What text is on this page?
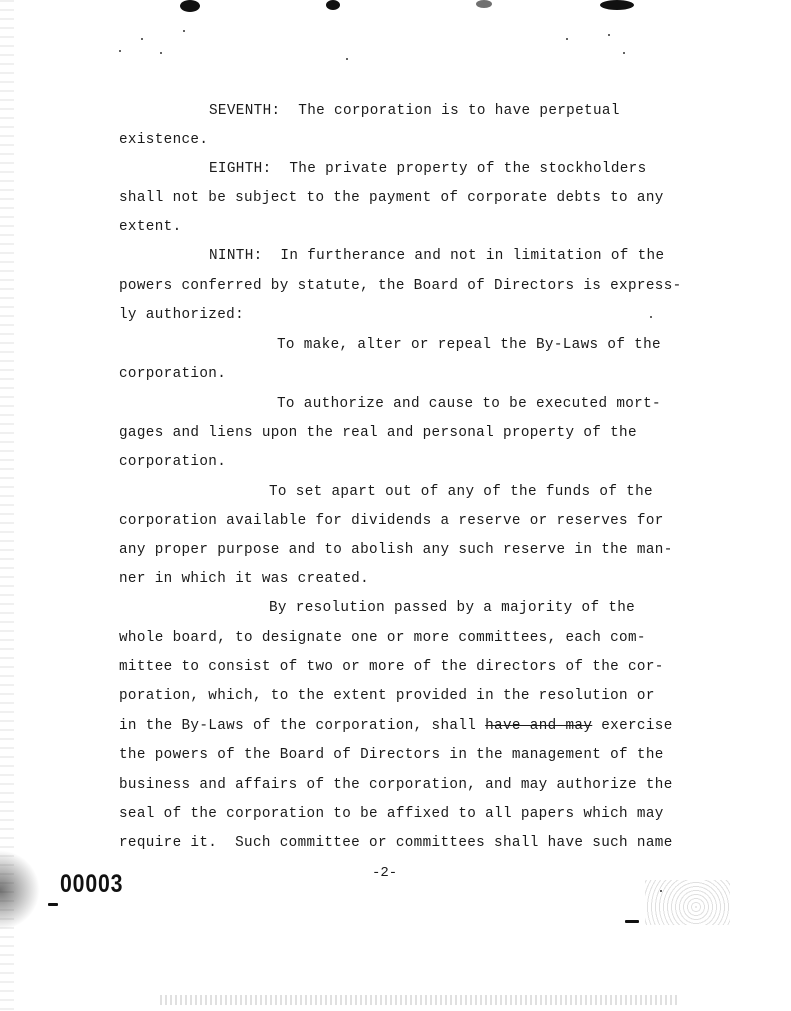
SEVENTH:  The corporation is to have perpetual
existence.
EIGHTH:  The private property of the stockholders
shall not be subject to the payment of corporate debts to any
extent.
NINTH:  In furtherance and not in limitation of the
powers conferred by statute, the Board of Directors is express-
ly authorized:
To make, alter or repeal the By-Laws of the
corporation.
To authorize and cause to be executed mort-
gages and liens upon the real and personal property of the
corporation.
To set apart out of any of the funds of the
corporation available for dividends a reserve or reserves for
any proper purpose and to abolish any such reserve in the man-
ner in which it was created.
By resolution passed by a majority of the
whole board, to designate one or more committees, each com-
mittee to consist of two or more of the directors of the cor-
poration, which, to the extent provided in the resolution or
in the By-Laws of the corporation, shall have and may exercise
the powers of the Board of Directors in the management of the
business and affairs of the corporation, and may authorize the
seal of the corporation to be affixed to all papers which may
require it.  Such committee or committees shall have such name
-2-
00003
